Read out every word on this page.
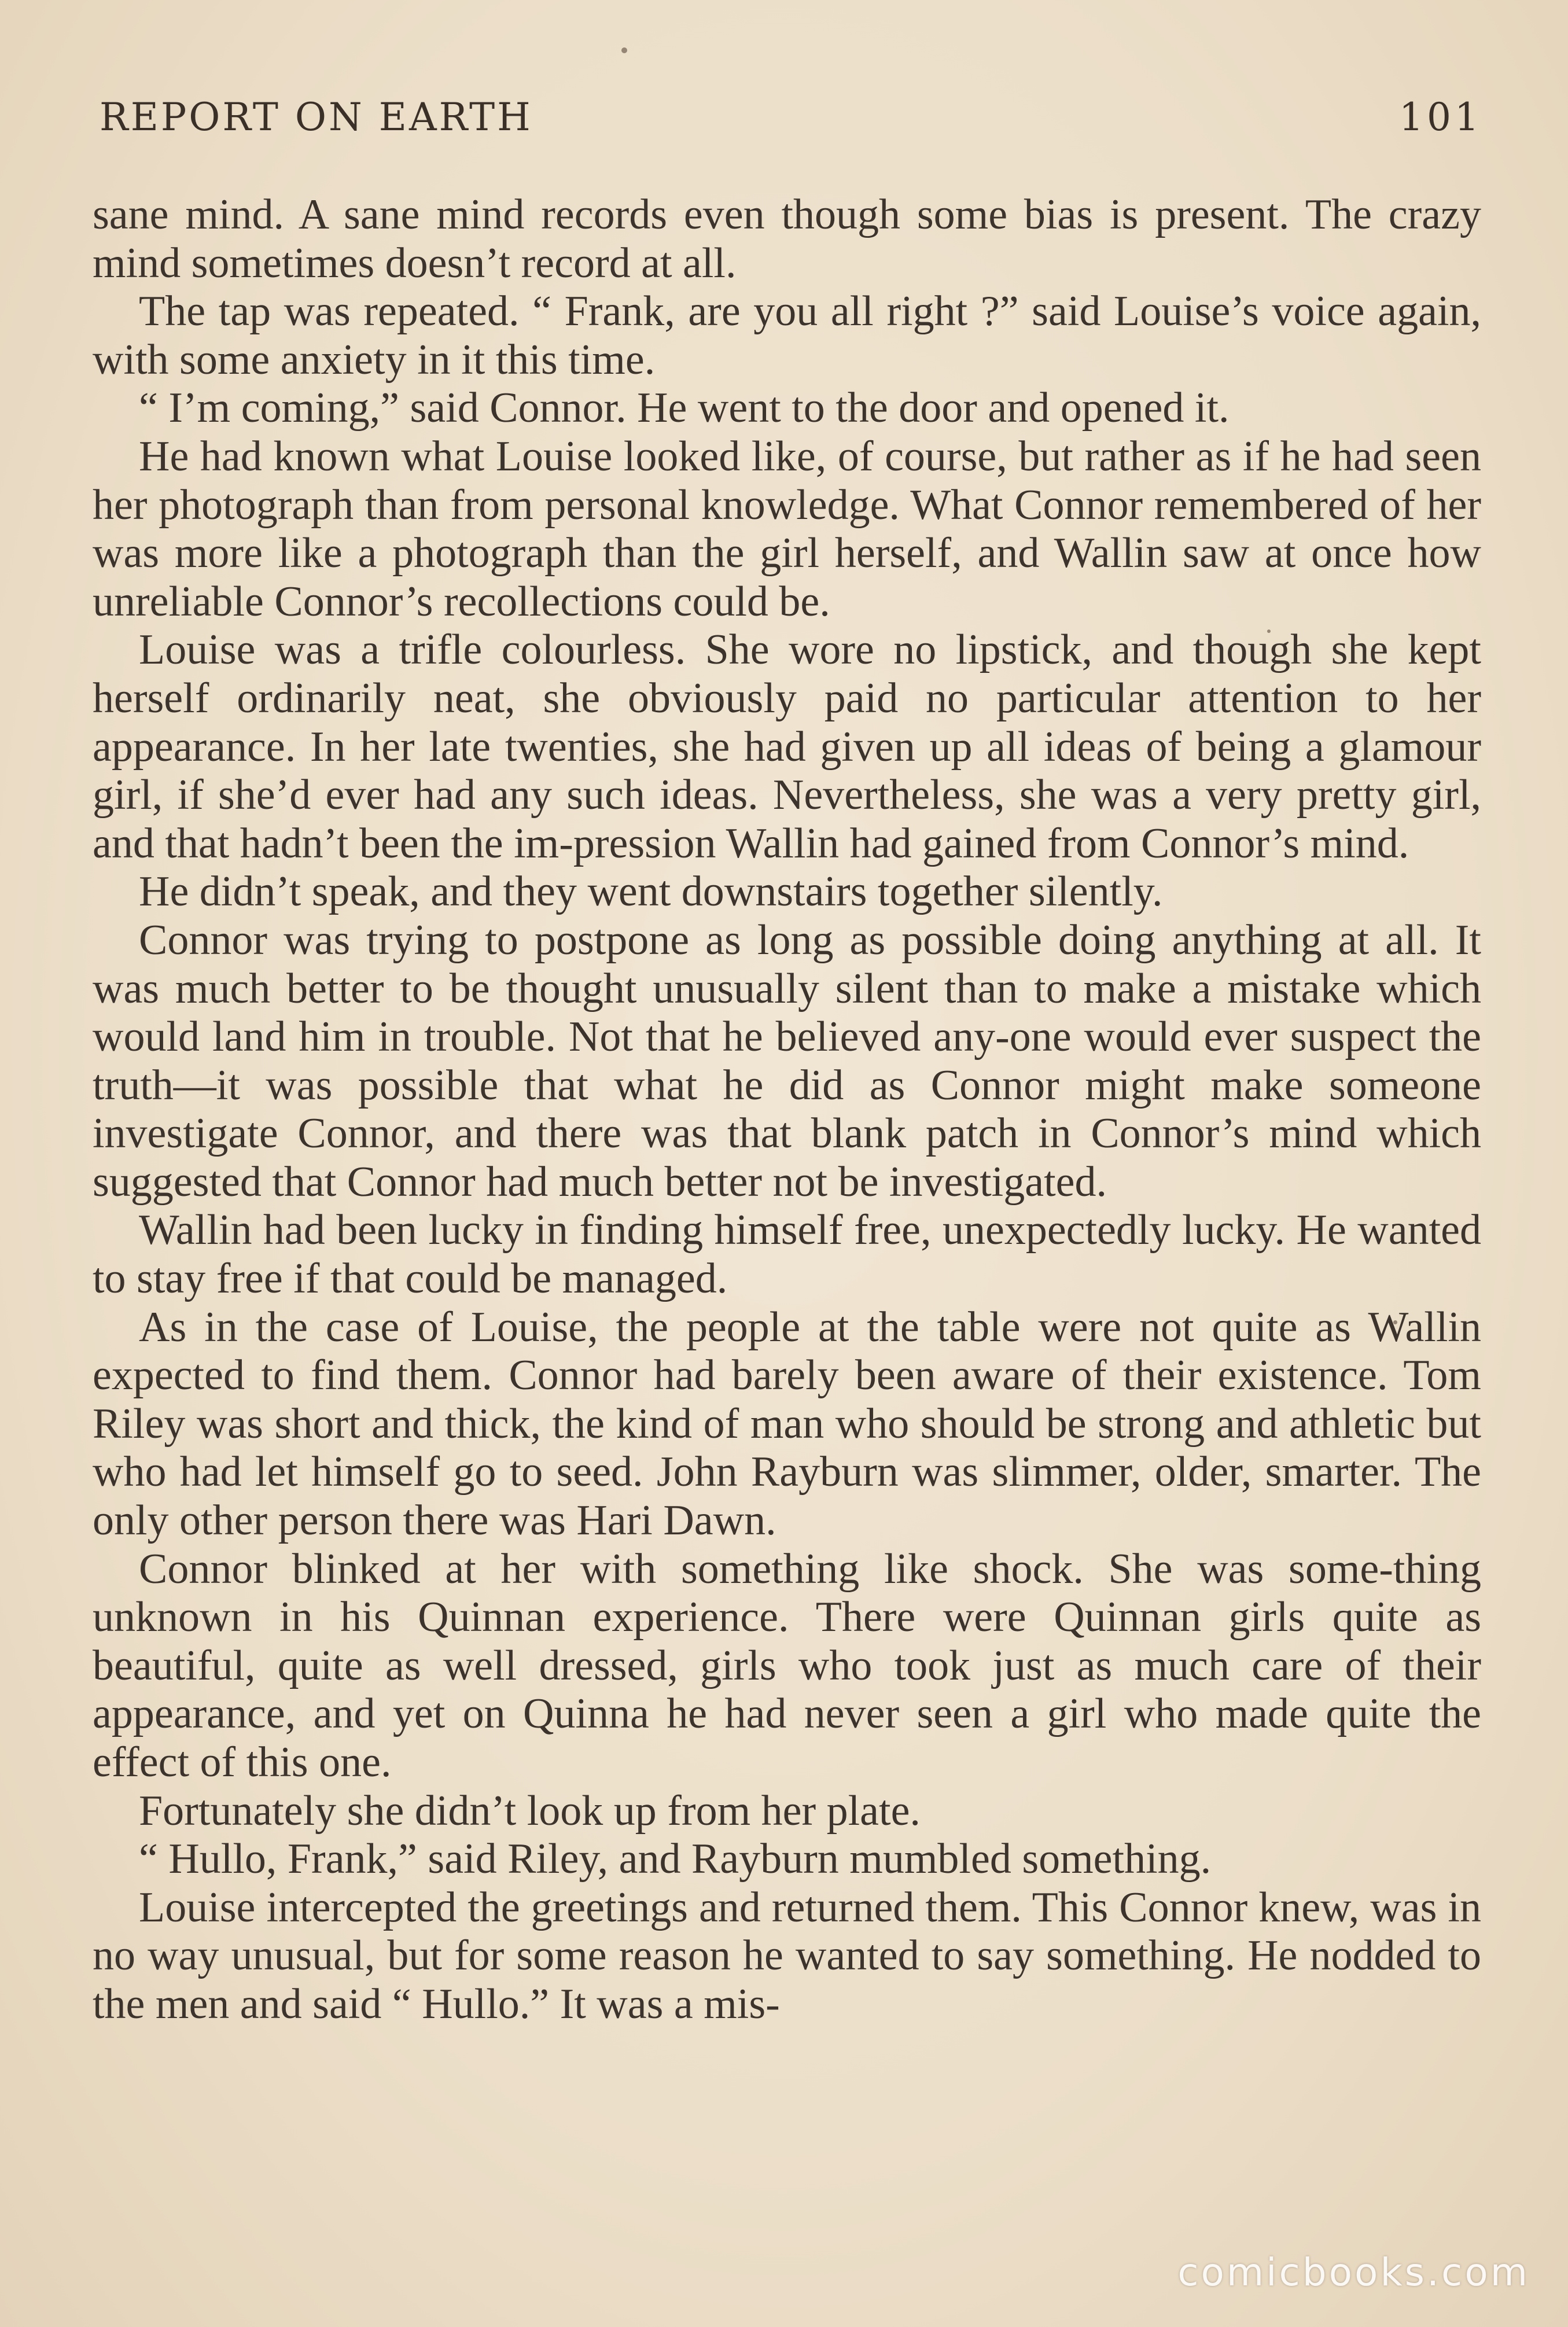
REPORT ON EARTH	101

sane mind. A sane mind records even though some bias is present. The crazy mind sometimes doesn’t record at all.

The tap was repeated. “ Frank, are you all right ?” said Louise’s voice again, with some anxiety in it this time.

“ I’m coming,” said Connor. He went to the door and opened it.

He had known what Louise looked like, of course, but rather as if he had seen her photograph than from personal knowledge. What Connor remembered of her was more like a photograph than the girl herself, and Wallin saw at once how unreliable Connor’s recollections could be.

Louise was a trifle colourless. She wore no lipstick, and though she kept herself ordinarily neat, she obviously paid no particular attention to her appearance. In her late twenties, she had given up all ideas of being a glamour girl, if she’d ever had any such ideas. Nevertheless, she was a very pretty girl, and that hadn’t been the im-pression Wallin had gained from Connor’s mind.

He didn’t speak, and they went downstairs together silently.

Connor was trying to postpone as long as possible doing anything at all. It was much better to be thought unusually silent than to make a mistake which would land him in trouble. Not that he believed any-one would ever suspect the truth—it was possible that what he did as Connor might make someone investigate Connor, and there was that blank patch in Connor’s mind which suggested that Connor had much better not be investigated.

Wallin had been lucky in finding himself free, unexpectedly lucky. He wanted to stay free if that could be managed.

As in the case of Louise, the people at the table were not quite as Wallin expected to find them. Connor had barely been aware of their existence. Tom Riley was short and thick, the kind of man who should be strong and athletic but who had let himself go to seed. John Rayburn was slimmer, older, smarter. The only other person there was Hari Dawn.

Connor blinked at her with something like shock. She was some-thing unknown in his Quinnan experience. There were Quinnan girls quite as beautiful, quite as well dressed, girls who took just as much care of their appearance, and yet on Quinna he had never seen a girl who made quite the effect of this one.

Fortunately she didn’t look up from her plate.

“ Hullo, Frank,” said Riley, and Rayburn mumbled something.

Louise intercepted the greetings and returned them. This Connor knew, was in no way unusual, but for some reason he wanted to say something. He nodded to the men and said “ Hullo.” It was a mis-

comicbooks.com
